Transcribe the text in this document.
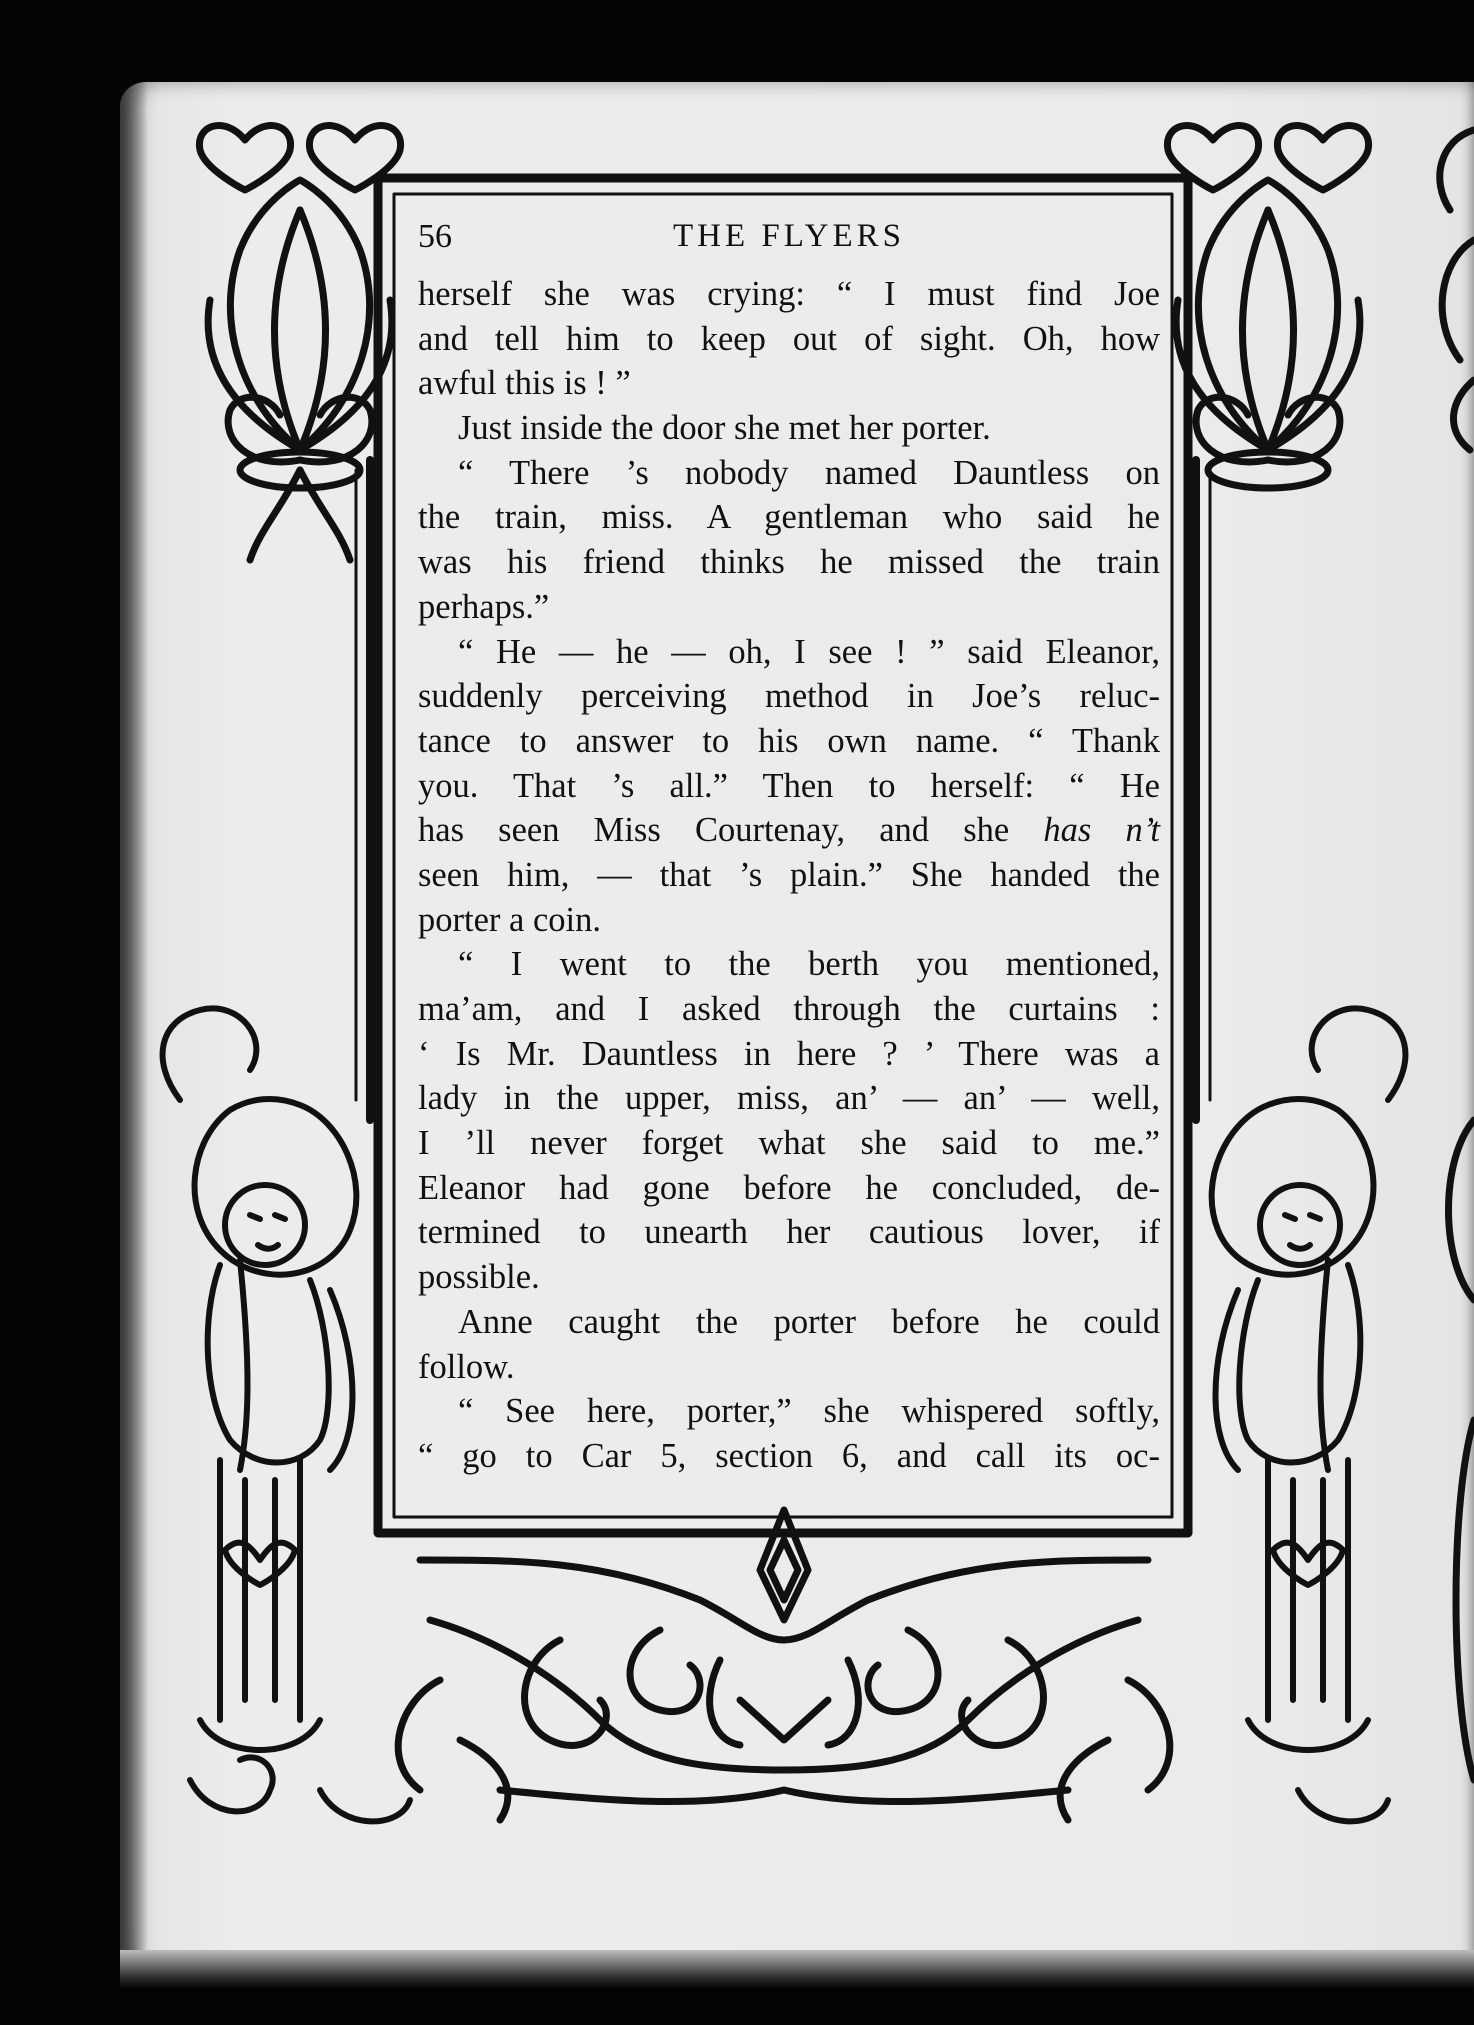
56	THE FLYERS
herself she was crying: “ I must find Joe
and tell him to keep out of sight. Oh, how
awful this is ! ”
Just inside the door she met her porter.
“ There ’s nobody named Dauntless on
the train, miss. A gentleman who said he
was his friend thinks he missed the train
perhaps.”
“ He — he — oh, I see ! ” said Eleanor,
suddenly perceiving method in Joe’s reluc-
tance to answer to his own name. “ Thank
you. That ’s all.” Then to herself: “ He
has seen Miss Courtenay, and she has n’t
seen him, — that ’s plain.” She handed the
porter a coin.
“ I went to the berth you mentioned,
ma’am, and I asked through the curtains :
‘ Is Mr. Dauntless in here ? ’ There was a
lady in the upper, miss, an’ — an’ — well,
I ’ll never forget what she said to me.”
Eleanor had gone before he concluded, de-
termined to unearth her cautious lover, if
possible.
Anne caught the porter before he could
follow.
“ See here, porter,” she whispered softly,
“ go to Car 5, section 6, and call its oc-
